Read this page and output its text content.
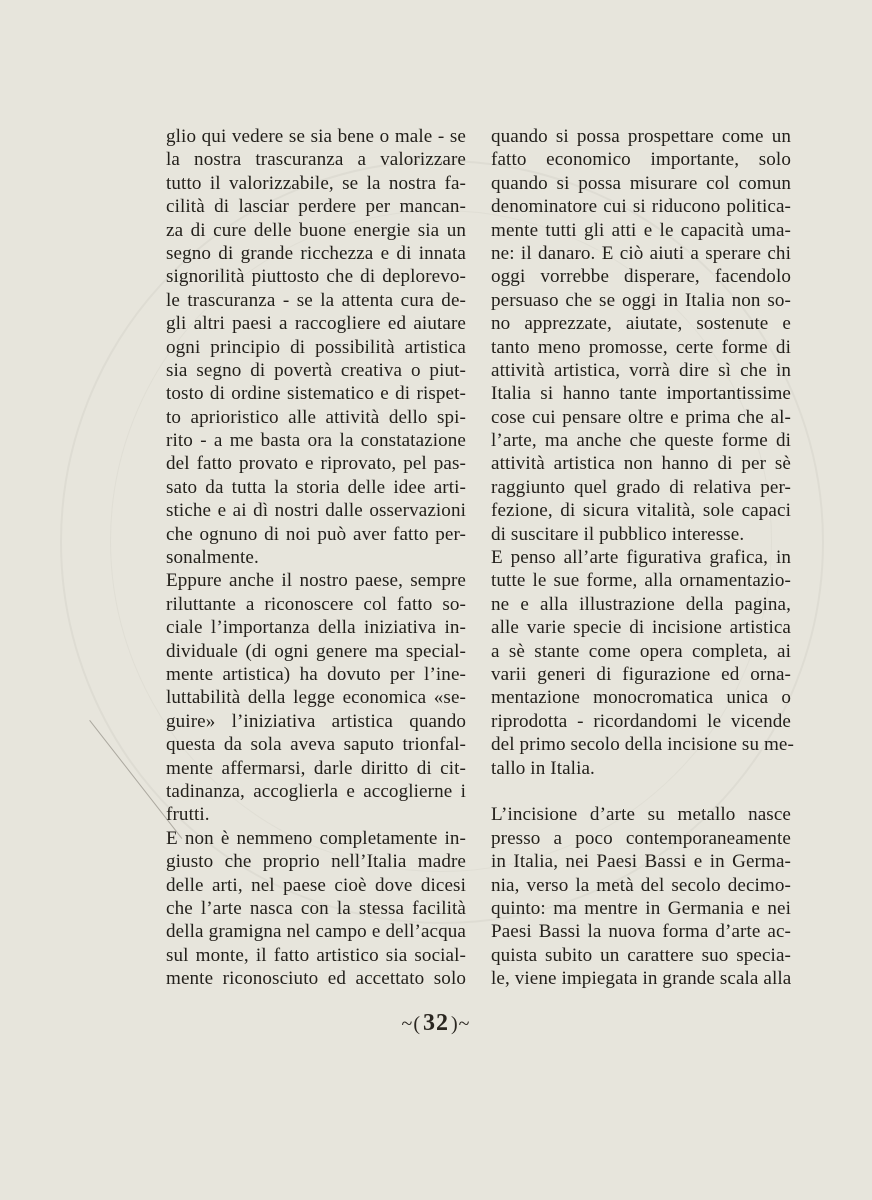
glio qui vedere se sia bene o male - se
la nostra trascuranza a valorizzare
tutto il valorizzabile, se la nostra fa-
cilità di lasciar perdere per mancan-
za di cure delle buone energie sia un
segno di grande ricchezza e di innata
signorilità piuttosto che di deplorevo-
le trascuranza - se la attenta cura de-
gli altri paesi a raccogliere ed aiutare
ogni principio di possibilità artistica
sia segno di povertà creativa o piut-
tosto di ordine sistematico e di rispet-
to aprioristico alle attività dello spi-
rito - a me basta ora la constatazione
del fatto provato e riprovato, pel pas-
sato da tutta la storia delle idee arti-
stiche e ai dì nostri dalle osservazioni
che ognuno di noi può aver fatto per-
sonalmente.
Eppure anche il nostro paese, sempre
riluttante a riconoscere col fatto so-
ciale l’importanza della iniziativa in-
dividuale (di ogni genere ma special-
mente artistica) ha dovuto per l’ine-
luttabilità della legge economica «se-
guire» l’iniziativa artistica quando
questa da sola aveva saputo trionfal-
mente affermarsi, darle diritto di cit-
tadinanza, accoglierla e accoglierne i
frutti.
E non è nemmeno completamente in-
giusto che proprio nell’Italia madre
delle arti, nel paese cioè dove dicesi
che l’arte nasca con la stessa facilità
della gramigna nel campo e dell’acqua
sul monte, il fatto artistico sia social-
mente riconosciuto ed accettato solo
quando si possa prospettare come un
fatto economico importante, solo
quando si possa misurare col comun
denominatore cui si riducono politica-
mente tutti gli atti e le capacità uma-
ne: il danaro. E ciò aiuti a sperare chi
oggi vorrebbe disperare, facendolo
persuaso che se oggi in Italia non so-
no apprezzate, aiutate, sostenute e
tanto meno promosse, certe forme di
attività artistica, vorrà dire sì che in
Italia si hanno tante importantissime
cose cui pensare oltre e prima che al-
l’arte, ma anche che queste forme di
attività artistica non hanno di per sè
raggiunto quel grado di relativa per-
fezione, di sicura vitalità, sole capaci
di suscitare il pubblico interesse.
E penso all’arte figurativa grafica, in
tutte le sue forme, alla ornamentazio-
ne e alla illustrazione della pagina,
alle varie specie di incisione artistica
a sè stante come opera completa, ai
varii generi di figurazione ed orna-
mentazione monocromatica unica o
riprodotta - ricordandomi le vicende
del primo secolo della incisione su me-
tallo in Italia.
L’incisione d’arte su metallo nasce
presso a poco contemporaneamente
in Italia, nei Paesi Bassi e in Germa-
nia, verso la metà del secolo decimo-
quinto: ma mentre in Germania e nei
Paesi Bassi la nuova forma d’arte ac-
quista subito un carattere suo specia-
le, viene impiegata in grande scala alla
~(32 )~
